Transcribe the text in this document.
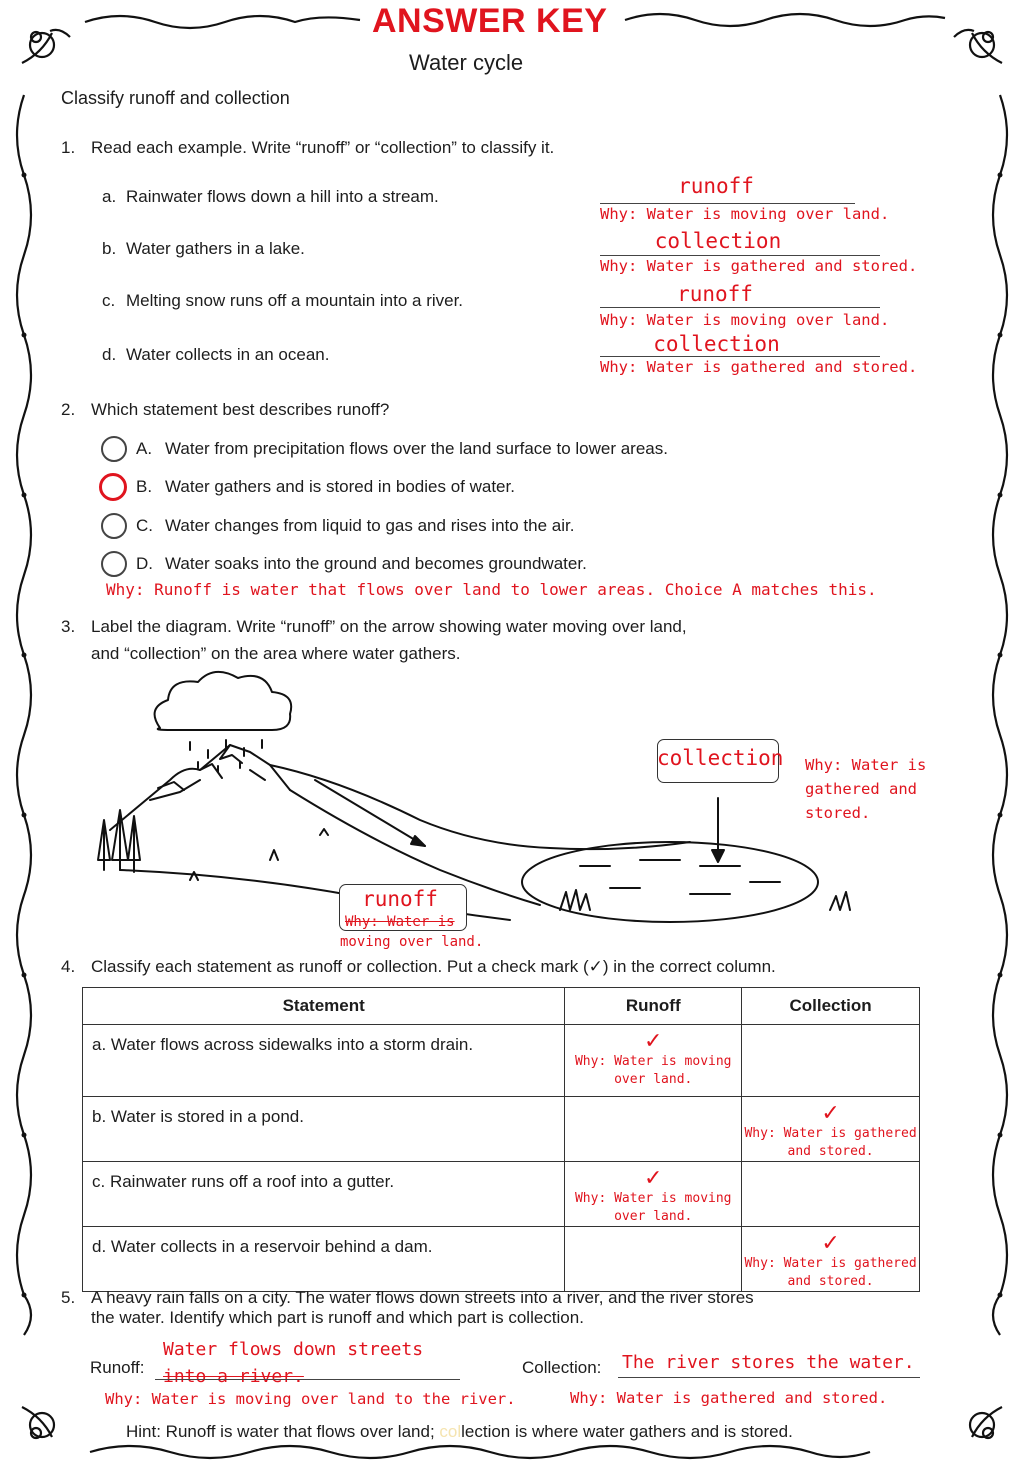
ANSWER KEY
Water cycle
Classify runoff and collection
1. Read each example. Write “runoff” or “collection” to classify it.
a. Rainwater flows down a hill into a stream.	runoff
Why: Water is moving over land.
b. Water gathers in a lake.	collection
Why: Water is gathered and stored.
c. Melting snow runs off a mountain into a river.	runoff
Why: Water is moving over land.
d. Water collects in an ocean.	collection
Why: Water is gathered and stored.
2. Which statement best describes runoff?
A. Water from precipitation flows over the land surface to lower areas.
B. Water gathers and is stored in bodies of water.
C. Water changes from liquid to gas and rises into the air.
D. Water soaks into the ground and becomes groundwater.
Why: Runoff is water that flows over land to lower areas. Choice A matches this.
3. Label the diagram. Write “runoff” on the arrow showing water moving over land,
and “collection” on the area where water gathers.
collection Why: Water is
gathered and
stored.
runoff
Why: Water is
moving over land.
4. Classify each statement as runoff or collection. Put a check mark (✓) in the correct column.
Statement	Runoff	Collection
a. Water flows across sidewalks into a storm drain.	✓
Why: Water is moving
over land.	

b. Water is stored in a pond.		✓
Why: Water is gathered
and stored.

c. Rainwater runs off a roof into a gutter.	✓
Why: Water is moving
over land.	

d. Water collects in a reservoir behind a dam.		✓
Why: Water is gathered
and stored.
5. A heavy rain falls on a city. The water flows down streets into a river, and the river stores
the water. Identify which part is runoff and which part is collection.
Runoff:
Water flows down streets
into a river.
Why: Water is moving over land to the river.
Collection: The river stores the water.
Why: Water is gathered and stored.
Hint: Runoff is water that flows over land; collection is where water gathers and is stored.
